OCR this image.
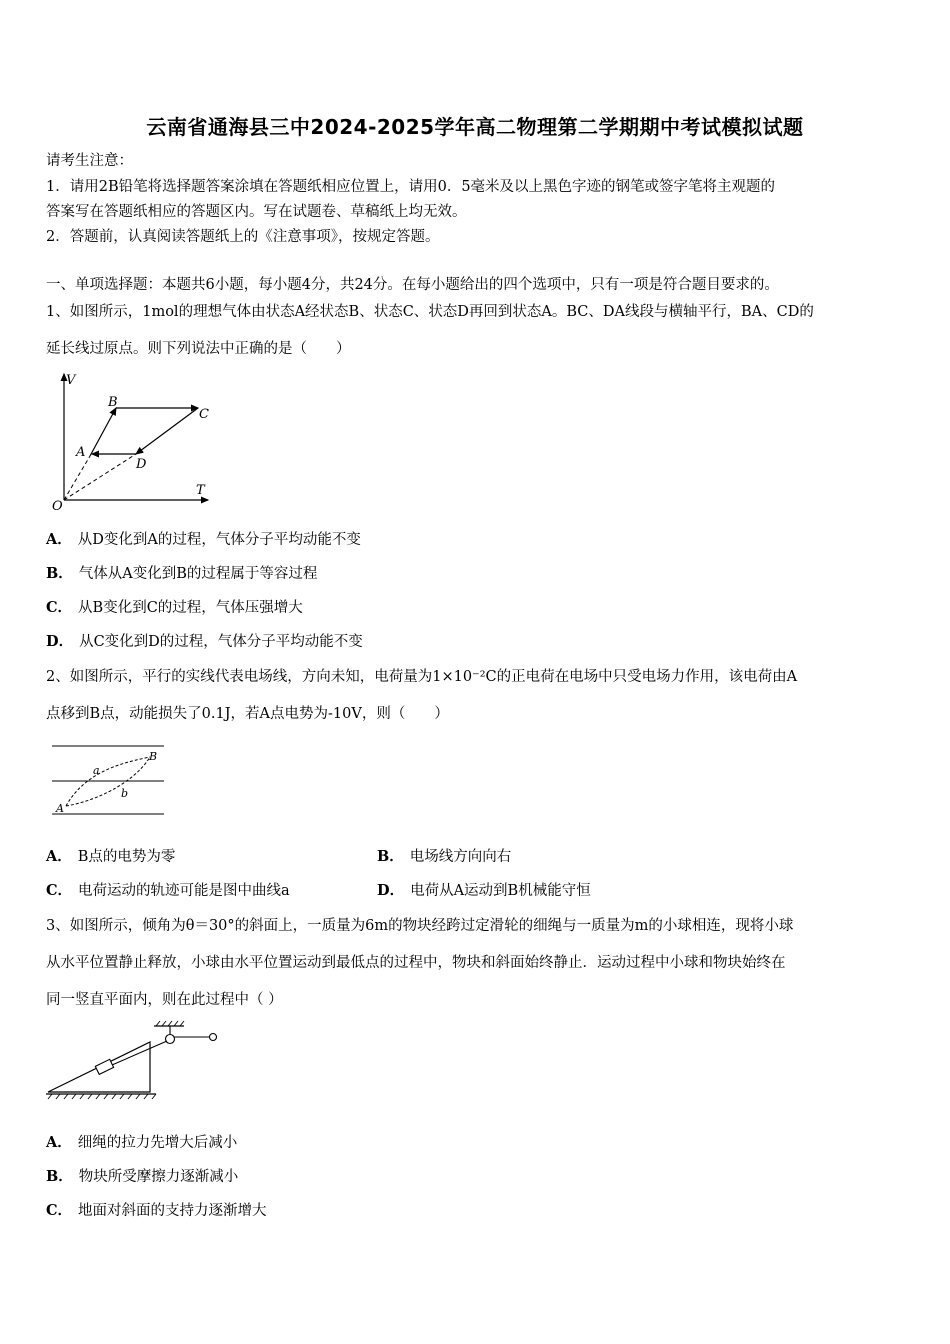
云南省通海县三中2024-2025学年高二物理第二学期期中考试模拟试题
请考生注意：
1．请用2B铅笔将选择题答案涂填在答题纸相应位置上，请用0．5毫米及以上黑色字迹的钢笔或签字笔将主观题的
答案写在答题纸相应的答题区内。写在试题卷、草稿纸上均无效。
2．答题前，认真阅读答题纸上的《注意事项》，按规定答题。
一、单项选择题：本题共6小题，每小题4分，共24分。在每小题给出的四个选项中，只有一项是符合题目要求的。
1、如图所示，1mol的理想气体由状态A经状态B、状态C、状态D再回到状态A。BC、DA线段与横轴平行，BA、CD的
延长线过原点。则下列说法中正确的是（　　）
V
T
O
A
B
C
D
A． 从D变化到A的过程，气体分子平均动能不变
B． 气体从A变化到B的过程属于等容过程
C． 从B变化到C的过程，气体压强增大
D． 从C变化到D的过程，气体分子平均动能不变
2、如图所示，平行的实线代表电场线，方向未知，电荷量为1×10⁻²C的正电荷在电场中只受电场力作用，该电荷由A
点移到B点，动能损失了0.1J，若A点电势为-10V，则（　　）
A
B
a
b
A． B点的电势为零	B． 电场线方向向右
C． 电荷运动的轨迹可能是图中曲线a	D． 电荷从A运动到B机械能守恒
3、如图所示，倾角为θ＝30°的斜面上，一质量为6m的物块经跨过定滑轮的细绳与一质量为m的小球相连，现将小球
从水平位置静止释放，小球由水平位置运动到最低点的过程中，物块和斜面始终静止．运动过程中小球和物块始终在
同一竖直平面内，则在此过程中（ ）
A． 细绳的拉力先增大后减小
B． 物块所受摩擦力逐渐减小
C． 地面对斜面的支持力逐渐增大
